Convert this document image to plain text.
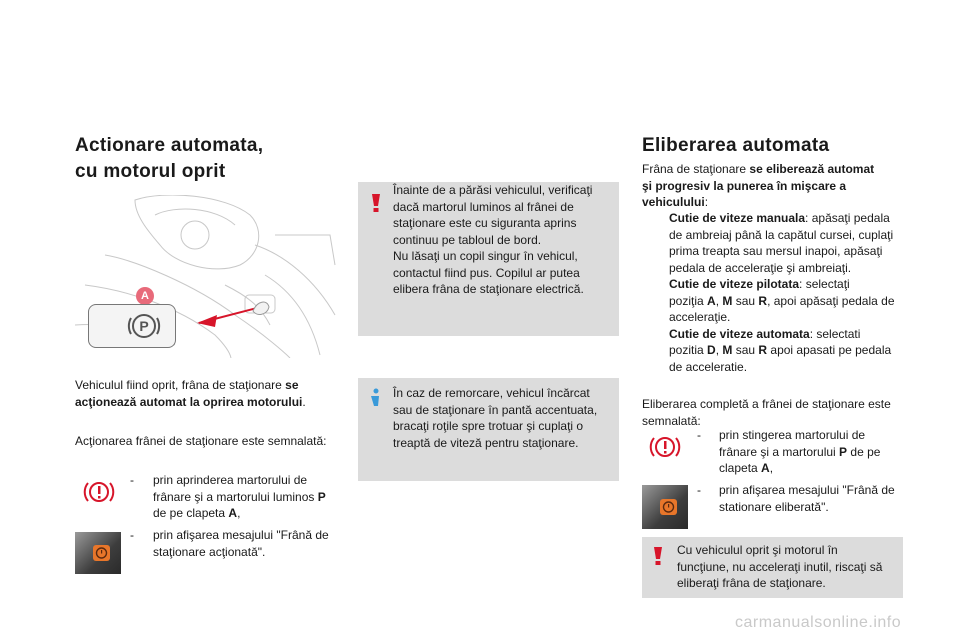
Actionare automata,
cu motorul oprit
A
P
Vehiculul fiind oprit, frâna de staţionare se
acţionează automat la oprirea motorului.
Acţionarea frânei de staţionare este semnalată:
- prin aprinderea martorului de
frânare şi a martorului luminos P
de pe clapeta A,
- prin afişarea mesajului "Frână de
staţionare acţionată".
Înainte de a părăsi vehiculul, verificaţi
dacă martorul luminos al frânei de
staţionare este cu siguranta aprins
continuu pe tabloul de bord.
Nu lăsaţi un copil singur în vehicul,
contactul fiind pus. Copilul ar putea
elibera frâna de staţionare electrică.
În caz de remorcare, vehicul încărcat
sau de staţionare în pantă accentuata,
bracaţi roţile spre trotuar şi cuplaţi o
treaptă de viteză pentru staţionare.
Eliberarea automata
Frâna de staţionare se eliberează automat
şi progresiv la punerea în mişcare a
vehiculului:
Cutie de viteze manuala: apăsaţi pedala
de ambreiaj până la capătul cursei, cuplaţi
prima treapta sau mersul inapoi, apăsaţi
pedala de acceleraţie şi ambreiaţi.
Cutie de viteze pilotata: selectaţi
poziţia A, M sau R, apoi apăsaţi pedala de
acceleraţie.
Cutie de viteze automata: selectati
pozitia D, M sau R apoi apasati pe pedala
de acceleratie.
Eliberarea completă a frânei de staţionare este
semnalată:
- prin stingerea martorului de
frânare şi a martorului P de pe
clapeta A,
- prin afişarea mesajului "Frână de
stationare eliberată".
Cu vehiculul oprit şi motorul în
funcţiune, nu acceleraţi inutil, riscaţi să
eliberaţi frâna de staţionare.
carmanualsonline.info
